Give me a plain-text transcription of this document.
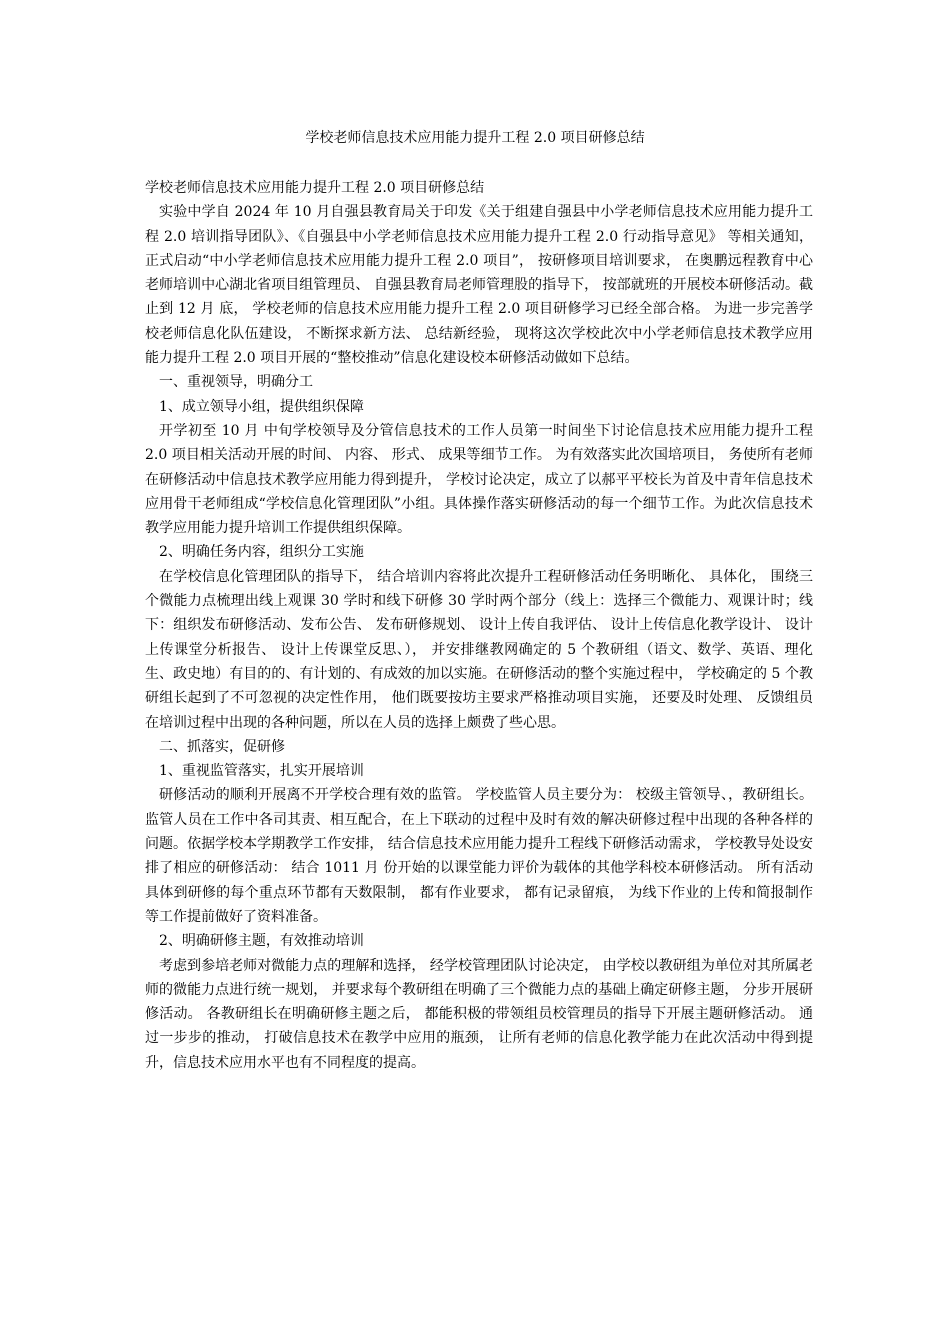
学校老师信息技术应用能力提升工程 2.0 项目研修总结

学校老师信息技术应用能力提升工程 2.0 项目研修总结

实验中学自 2024 年 10 月自强县教育局关于印发《关于组建自强县中小学老师信息技术应用能力提升工程 2.0 培训指导团队》、《自强县中小学老师信息技术应用能力提升工程 2.0 行动指导意见》 等相关通知， 正式启动“中小学老师信息技术应用能力提升工程 2.0 项目”， 按研修项目培训要求， 在奥鹏远程教育中心老师培训中心湖北省项目组管理员、 自强县教育局老师管理股的指导下， 按部就班的开展校本研修活动。截止到 12 月 底， 学校老师的信息技术应用能力提升工程 2.0 项目研修学习已经全部合格。 为进一步完善学校老师信息化队伍建设， 不断探求新方法、 总结新经验， 现将这次学校此次中小学老师信息技术教学应用能力提升工程 2.0 项目开展的“整校推动”信息化建设校本研修活动做如下总结。

一、重视领导，明确分工

1、成立领导小组，提供组织保障

开学初至 10 月 中旬学校领导及分管信息技术的工作人员第一时间坐下讨论信息技术应用能力提升工程 2.0 项目相关活动开展的时间、 内容、 形式、 成果等细节工作。 为有效落实此次国培项目， 务使所有老师在研修活动中信息技术教学应用能力得到提升， 学校讨论决定，成立了以郝平平校长为首及中青年信息技术应用骨干老师组成“学校信息化管理团队”小组。具体操作落实研修活动的每一个细节工作。为此次信息技术教学应用能力提升培训工作提供组织保障。

2、明确任务内容，组织分工实施

在学校信息化管理团队的指导下， 结合培训内容将此次提升工程研修活动任务明晰化、 具体化， 围绕三个微能力点梳理出线上观课 30 学时和线下研修 30 学时两个部分（线上：选择三个微能力、观课计时；线下：组织发布研修活动、发布公告、 发布研修规划、 设计上传自我评估、 设计上传信息化教学设计、 设计上传课堂分析报告、 设计上传课堂反思、）， 并安排继教网确定的 5 个教研组（语文、数学、英语、理化生、政史地）有目的的、有计划的、有成效的加以实施。在研修活动的整个实施过程中， 学校确定的 5 个教研组长起到了不可忽视的决定性作用， 他们既要按坊主要求严格推动项目实施， 还要及时处理、 反馈组员在培训过程中出现的各种问题，所以在人员的选择上颇费了些心思。

二、抓落实，促研修

1、重视监管落实，扎实开展培训

研修活动的顺利开展离不开学校合理有效的监管。 学校监管人员主要分为： 校级主管领导、，教研组长。监管人员在工作中各司其责、相互配合，在上下联动的过程中及时有效的解决研修过程中出现的各种各样的问题。依据学校本学期教学工作安排， 结合信息技术应用能力提升工程线下研修活动需求， 学校教导处设安排了相应的研修活动： 结合 1011 月 份开始的以课堂能力评价为载体的其他学科校本研修活动。 所有活动具体到研修的每个重点环节都有天数限制， 都有作业要求， 都有记录留痕， 为线下作业的上传和简报制作等工作提前做好了资料准备。

2、明确研修主题，有效推动培训

考虑到参培老师对微能力点的理解和选择， 经学校管理团队讨论决定， 由学校以教研组为单位对其所属老师的微能力点进行统一规划， 并要求每个教研组在明确了三个微能力点的基础上确定研修主题， 分步开展研修活动。 各教研组长在明确研修主题之后， 都能积极的带领组员校管理员的指导下开展主题研修活动。 通过一步步的推动， 打破信息技术在教学中应用的瓶颈， 让所有老师的信息化教学能力在此次活动中得到提升，信息技术应用水平也有不同程度的提高。
